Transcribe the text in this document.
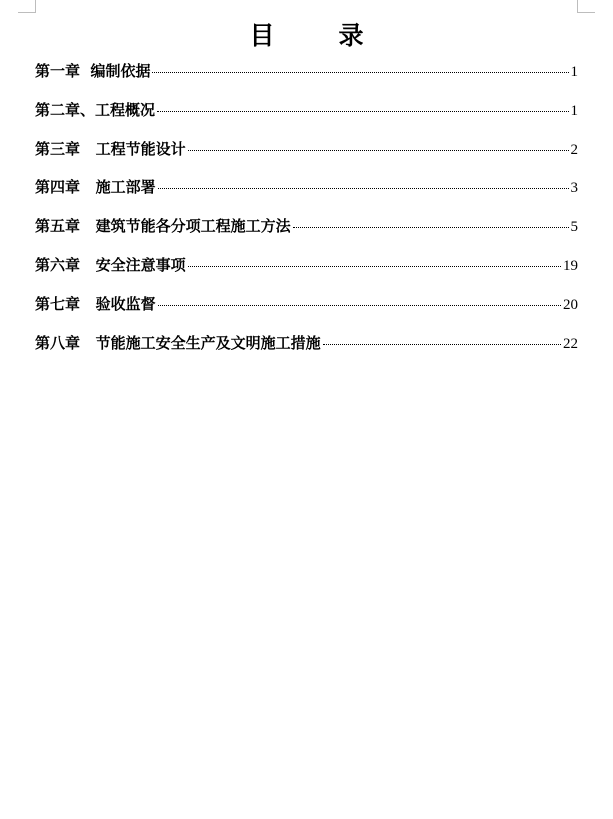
目	录
第一章  编制依据	1
第二章、工程概况	1
第三章   工程节能设计	2
第四章   施工部署	3
第五章   建筑节能各分项工程施工方法	5
第六章   安全注意事项	19
第七章   验收监督	20
第八章   节能施工安全生产及文明施工措施	22
